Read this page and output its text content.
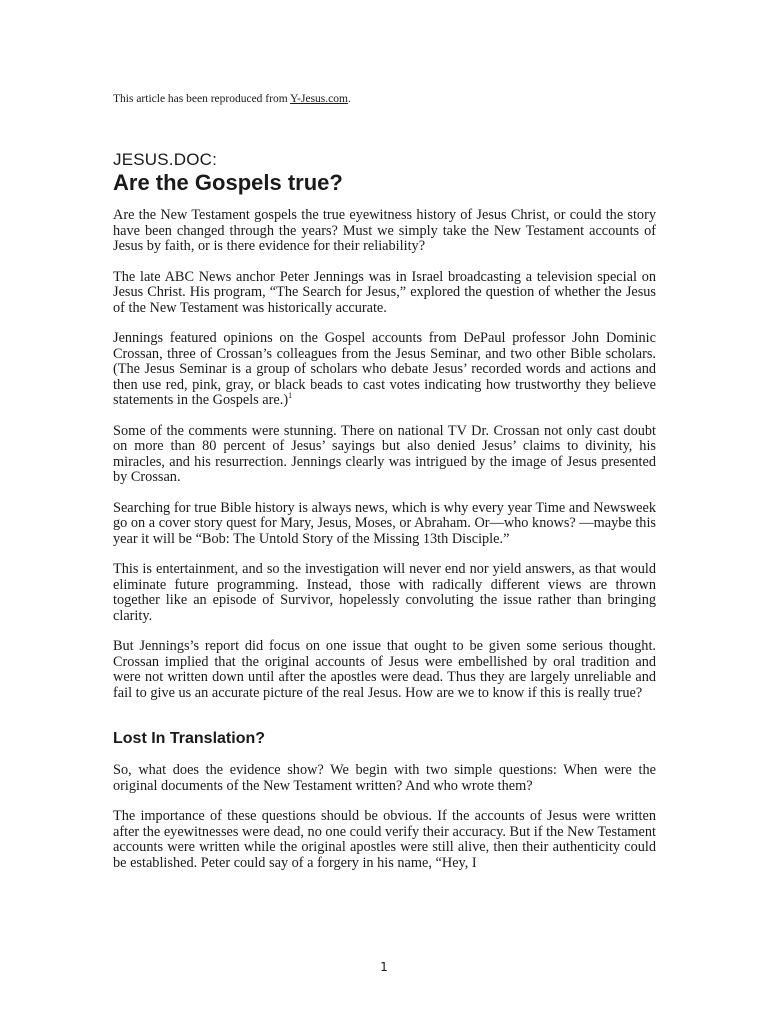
This article has been reproduced from Y-Jesus.com.
JESUS.DOC:
Are the Gospels true?

Are the New Testament gospels the true eyewitness history of Jesus Christ, or could the story have been changed through the years? Must we simply take the New Testament accounts of Jesus by faith, or is there evidence for their reliability?

The late ABC News anchor Peter Jennings was in Israel broadcasting a television special on Jesus Christ. His program, “The Search for Jesus,” explored the question of whether the Jesus of the New Testament was historically accurate.

Jennings featured opinions on the Gospel accounts from DePaul professor John Dominic Crossan, three of Crossan’s colleagues from the Jesus Seminar, and two other Bible scholars. (The Jesus Seminar is a group of scholars who debate Jesus’ recorded words and actions and then use red, pink, gray, or black beads to cast votes indicating how trustworthy they believe statements in the Gospels are.)$^1$

Some of the comments were stunning. There on national TV Dr. Crossan not only cast doubt on more than 80 percent of Jesus’ sayings but also denied Jesus’ claims to divinity, his miracles, and his resurrection. Jennings clearly was intrigued by the image of Jesus presented by Crossan.

Searching for true Bible history is always news, which is why every year Time and Newsweek go on a cover story quest for Mary, Jesus, Moses, or Abraham. Or—who knows? —maybe this year it will be “Bob: The Untold Story of the Missing 13th Disciple.”

This is entertainment, and so the investigation will never end nor yield answers, as that would eliminate future programming. Instead, those with radically different views are thrown together like an episode of Survivor, hopelessly convoluting the issue rather than bringing clarity.

But Jennings’s report did focus on one issue that ought to be given some serious thought. Crossan implied that the original accounts of Jesus were embellished by oral tradition and were not written down until after the apostles were dead. Thus they are largely unreliable and fail to give us an accurate picture of the real Jesus. How are we to know if this is really true?

Lost In Translation?

So, what does the evidence show? We begin with two simple questions: When were the original documents of the New Testament written? And who wrote them?

The importance of these questions should be obvious. If the accounts of Jesus were written after the eyewitnesses were dead, no one could verify their accuracy. But if the New Testament accounts were written while the original apostles were still alive, then their authenticity could be established. Peter could say of a forgery in his name, “Hey, I

1
